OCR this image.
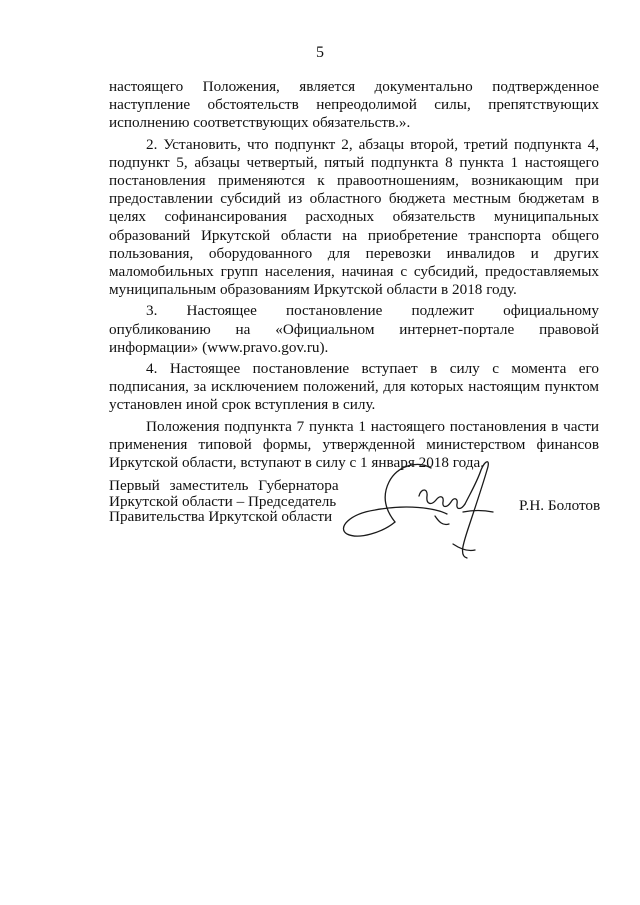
5

настоящего Положения, является документально подтвержденное наступление обстоятельств непреодолимой силы, препятствующих исполнению соответствующих обязательств.».

2. Установить, что подпункт 2, абзацы второй, третий подпункта 4, подпункт 5, абзацы четвертый, пятый подпункта 8 пункта 1 настоящего постановления применяются к правоотношениям, возникающим при предоставлении субсидий из областного бюджета местным бюджетам в целях софинансирования расходных обязательств муниципальных образований Иркутской области на приобретение транспорта общего пользования, оборудованного для перевозки инвалидов и других маломобильных групп населения, начиная с субсидий, предоставляемых муниципальным образованиям Иркутской области в 2018 году.

3. Настоящее постановление подлежит официальному опубликованию на «Официальном интернет-портале правовой информации» (www.pravo.gov.ru).

4. Настоящее постановление вступает в силу с момента его подписания, за исключением положений, для которых настоящим пунктом установлен иной срок вступления в силу.

Положения подпункта 7 пункта 1 настоящего постановления в части применения типовой формы, утвержденной министерством финансов Иркутской области, вступают в силу с 1 января 2018 года.

Первый заместитель Губернатора
Иркутской области – Председатель
Правительства Иркутской области
Р.Н. Болотов
